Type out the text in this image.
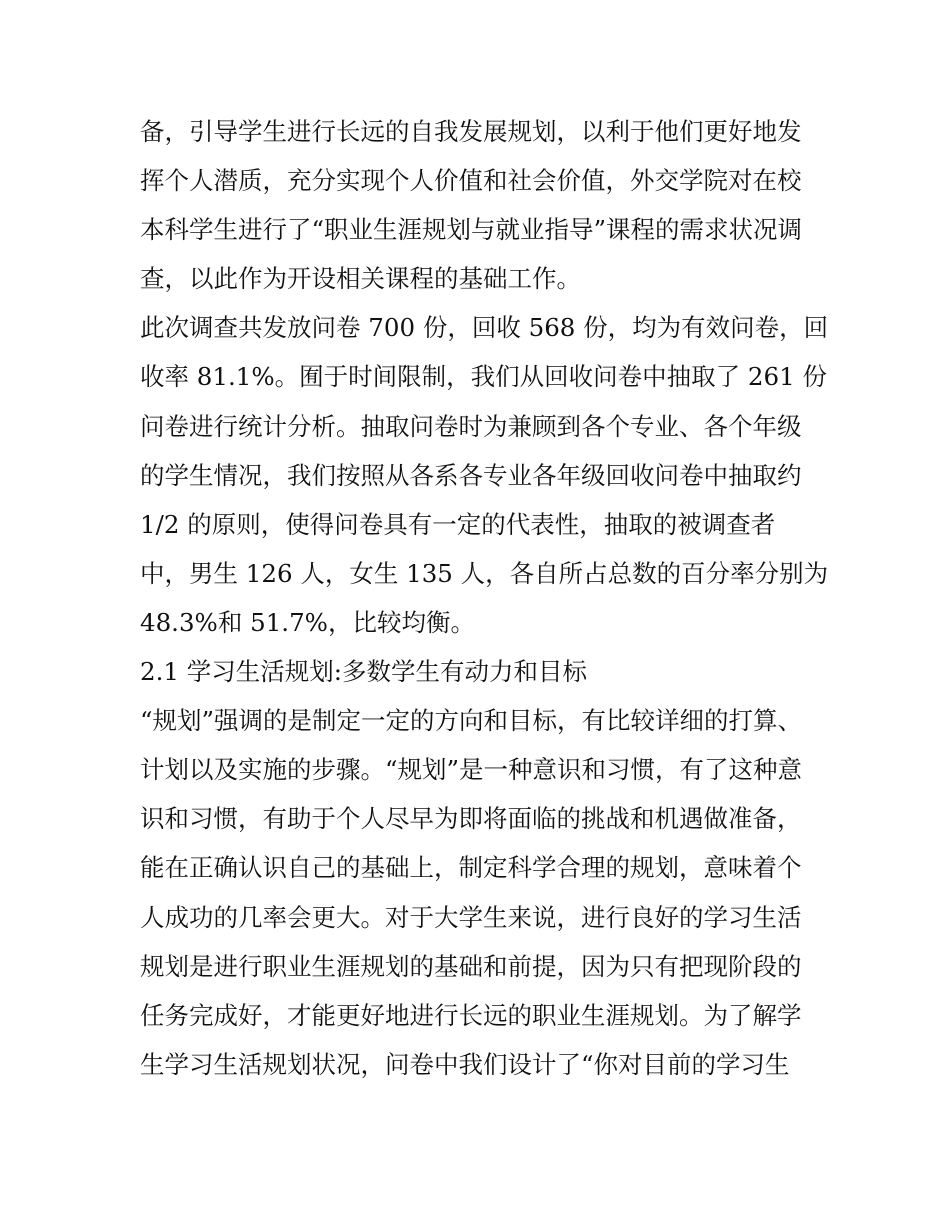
备，引导学生进行长远的自我发展规划，以利于他们更好地发
挥个人潜质，充分实现个人价值和社会价值，外交学院对在校
本科学生进行了“职业生涯规划与就业指导”课程的需求状况调
查，以此作为开设相关课程的基础工作。
此次调查共发放问卷 700 份，回收 568 份，均为有效问卷，回
收率 81.1%。囿于时间限制，我们从回收问卷中抽取了 261 份
问卷进行统计分析。抽取问卷时为兼顾到各个专业、各个年级
的学生情况，我们按照从各系各专业各年级回收问卷中抽取约
1/2 的原则，使得问卷具有一定的代表性，抽取的被调查者
中，男生 126 人，女生 135 人，各自所占总数的百分率分别为
48.3%和 51.7%，比较均衡。
2.1 学习生活规划:多数学生有动力和目标
“规划”强调的是制定一定的方向和目标，有比较详细的打算、
计划以及实施的步骤。“规划”是一种意识和习惯，有了这种意
识和习惯，有助于个人尽早为即将面临的挑战和机遇做准备，
能在正确认识自己的基础上，制定科学合理的规划，意味着个
人成功的几率会更大。对于大学生来说，进行良好的学习生活
规划是进行职业生涯规划的基础和前提，因为只有把现阶段的
任务完成好，才能更好地进行长远的职业生涯规划。为了解学
生学习生活规划状况，问卷中我们设计了“你对目前的学习生
